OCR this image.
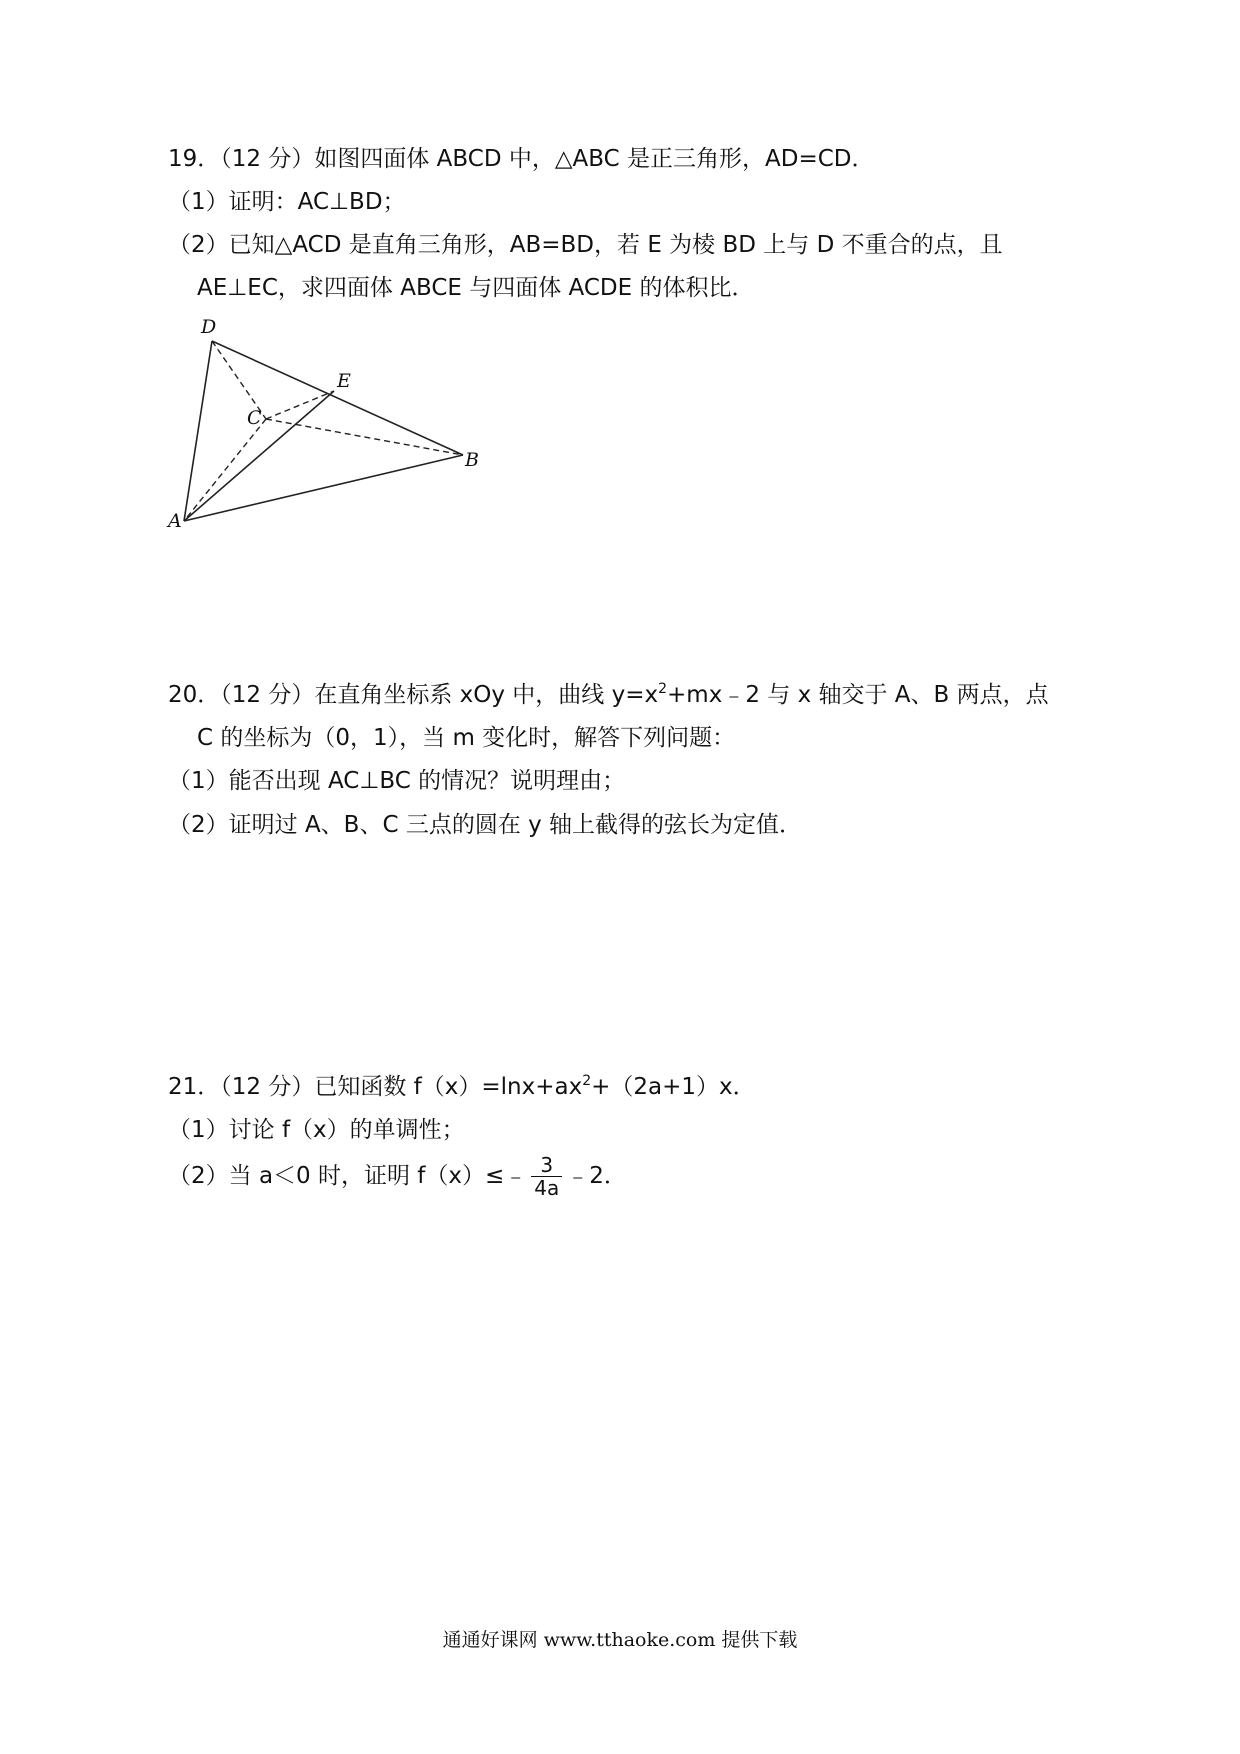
19．（12 分）如图四面体 ABCD 中，△ABC 是正三角形，AD=CD．
（1）证明：AC⊥BD；
（2）已知△ACD 是直角三角形，AB=BD，若 E 为棱 BD 上与 D 不重合的点，且
AE⊥EC，求四面体 ABCE 与四面体 ACDE 的体积比．
D
E
C
B
A
20．（12 分）在直角坐标系 xOy 中，曲线 $y=x^2+mx﹣2$ 与 x 轴交于 A、B 两点，点
C 的坐标为（0，1），当 m 变化时，解答下列问题：
（1）能否出现 AC⊥BC 的情况？说明理由；
（2）证明过 A、B、C 三点的圆在 y 轴上截得的弦长为定值．
21．（12 分）已知函数 $f(x)=\ln x+ax^2+(2a+1)x$．
（1）讨论 f（x）的单调性；
（2）当 a＜0 时，证明 f（x）≤﹣ $\frac{3}{4a}$ ﹣2．
通通好课网 www.tthaoke.com 提供下载
